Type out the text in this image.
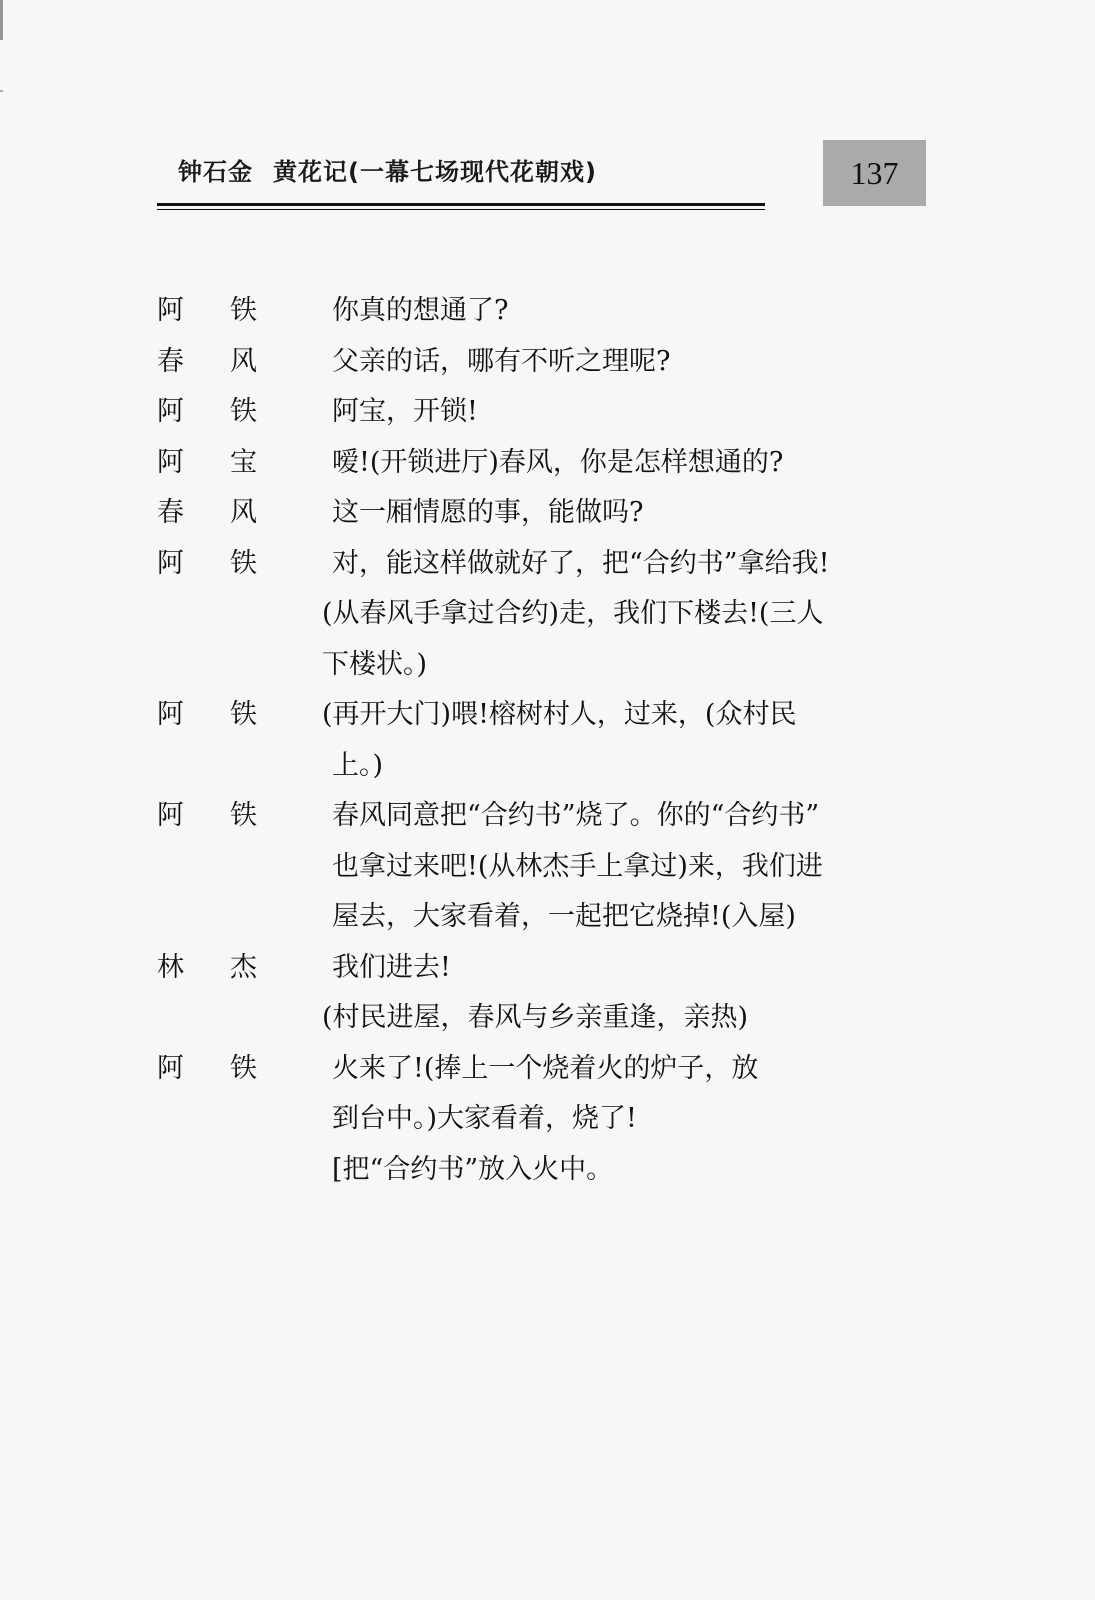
钟石金 黄花记(一幕七场现代花朝戏)	137
阿 铁	你真的想通了?
春 风	父亲的话，哪有不听之理呢?
阿 铁	阿宝，开锁!
阿 宝	嗳!(开锁进厅)春风，你是怎样想通的?
春 风	这一厢情愿的事，能做吗?
阿 铁	对，能这样做就好了，把“合约书”拿给我!
(从春风手拿过合约)走，我们下楼去!(三人
下楼状。)
阿 铁 (再开大门)喂!榕树村人，过来，(众村民
上。)
阿 铁	春风同意把“合约书”烧了。你的“合约书”
也拿过来吧!(从林杰手上拿过)来，我们进
屋去，大家看着，一起把它烧掉!(入屋)
林 杰	我们进去!
(村民进屋，春风与乡亲重逢，亲热)
阿 铁	火来了!(捧上一个烧着火的炉子，放
到台中。)大家看着，烧了!
[把“合约书”放入火中。
